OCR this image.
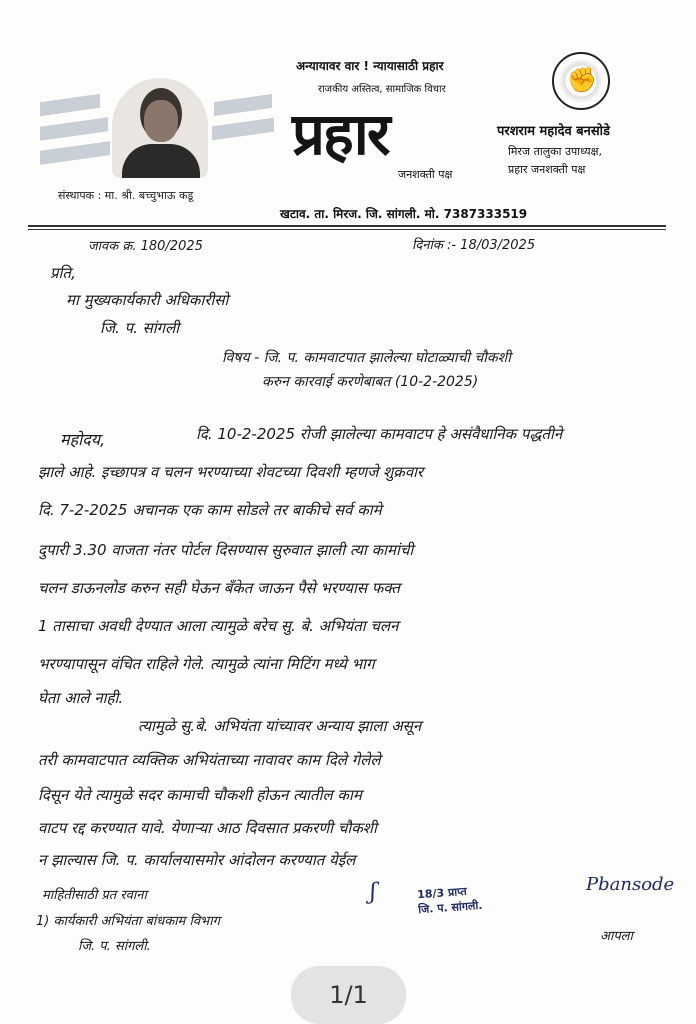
संस्थापक : मा. श्री. बच्चुभाऊ कडू
अन्यायावर वार ! न्यायासाठी प्रहार
राजकीय अस्तित्व, सामाजिक विचार
प्रहार
जनशक्ती पक्ष
✊
परशराम महादेव बनसोडे
मिरज तालुका उपाध्यक्ष,
प्रहार जनशक्ती पक्ष
खटाव. ता. मिरज. जि. सांगली. मो. 7387333519
जावक क्र. 180/2025	दिनांक :- 18/03/2025
प्रति,
मा मुख्यकार्यकारी अधिकारीसो
जि. प. सांगली
विषय - जि. प. कामवाटपात झालेल्या घोटाळ्याची चौकशी
करुन कारवाई करणेबाबत (10-2-2025)
महोदय,	दि. 10-2-2025 रोजी झालेल्या कामवाटप हे असंवैधानिक पद्धतीने
झाले आहे. इच्छापत्र व चलन भरण्याच्या शेवटच्या दिवशी म्हणजे शुक्रवार
दि. 7-2-2025 अचानक एक काम सोडले तर बाकीचे सर्व कामे
दुपारी 3.30 वाजता नंतर पोर्टल दिसण्यास सुरुवात झाली त्या कामांची
चलन डाऊनलोड करुन सही घेऊन बँकेत जाऊन पैसे भरण्यास फक्त
1 तासाचा अवधी देण्यात आला त्यामुळे बरेच सु. बे. अभियंता चलन
भरण्यापासून वंचित राहिले गेले. त्यामुळे त्यांना मिटिंग मध्ये भाग
घेता आले नाही.
त्यामुळे सु.बे. अभियंता यांच्यावर अन्याय झाला असून
तरी कामवाटपात व्यक्तिक अभियंताच्या नावावर काम दिले गेलेले
दिसून येते त्यामुळे सदर कामाची चौकशी होऊन त्यातील काम
वाटप रद्द करण्यात यावे. येणाऱ्या आठ दिवसात प्रकरणी चौकशी
न झाल्यास जि. प. कार्यालयासमोर आंदोलन करण्यात येईल
माहितीसाठी प्रत रवाना
1) कार्यकारी अभियंता बांधकाम विभाग
जि. प. सांगली.
ʃ	18/3 प्राप्त
जि. प. सांगली.
Pbansode
आपला
1/1
